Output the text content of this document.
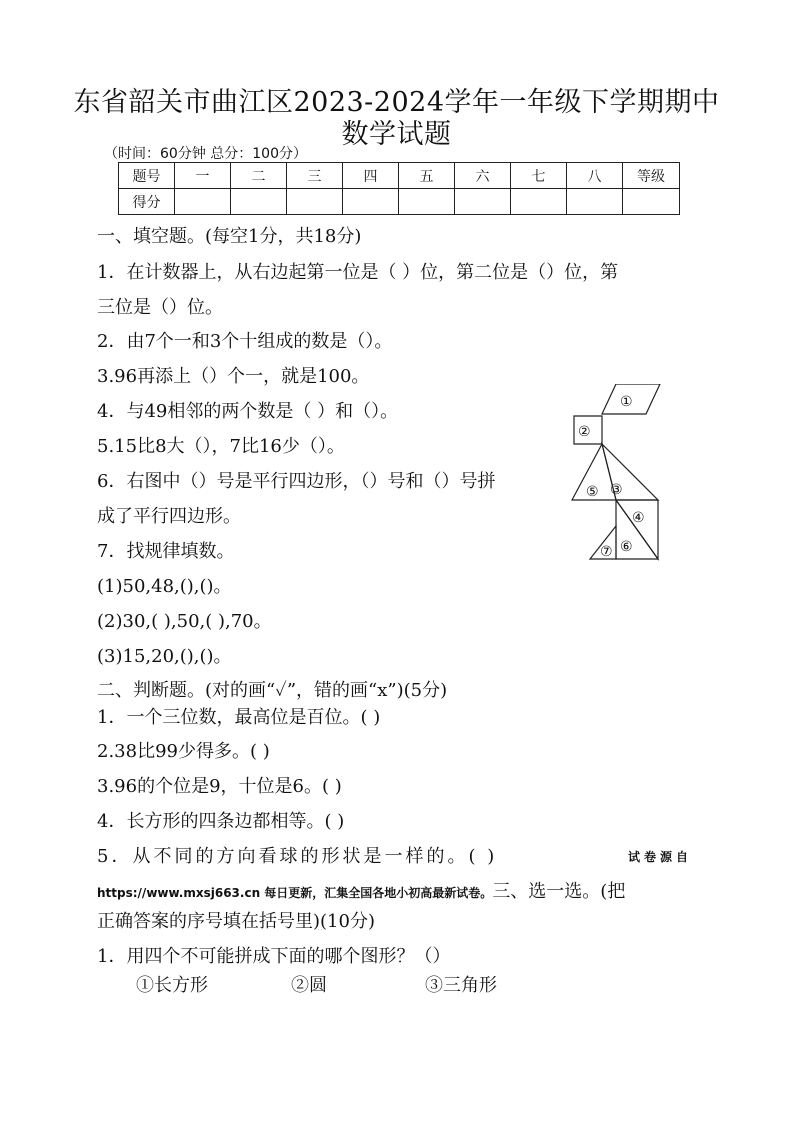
东省韶关市曲江区2023-2024学年一年级下学期期中
数学试题
（时间：60分钟 总分：100分）
题号	一	二	三	四	五	六	七	八	等级
得分									
一、填空题。(每空1分，共18分)
1．在计数器上，从右边起第一位是（ ）位，第二位是（）位，第
三位是（）位。
2．由7个一和3个十组成的数是（）。
3.96再添上（）个一，就是100。
4．与49相邻的两个数是（ ）和（）。
5.15比8大（），7比16少（）。
6．右图中（）号是平行四边形，（）号和（）号拼
成了平行四边形。
7．找规律填数。
(1)50,48,(),()。
(2)30,( ),50,( ),70。
(3)15,20,(),()。
①
②
③
④
⑤
⑥
⑦
二、判断题。(对的画“✓”，错的画“x”)(5分)
1．一个三位数，最高位是百位。( )
2.38比99少得多。( )
3.96的个位是9，十位是6。( )
4．长方形的四条边都相等。( )
5．从不同的方向看球的形状是一样的。( )	试卷源自
https://www.mxsj663.cn 每日更新，汇集全国各地小初高最新试卷。三、选一选。(把
正确答案的序号填在括号里)(10分)
1．用四个不可能拼成下面的哪个图形？（）
①长方形	②圆	③三角形
